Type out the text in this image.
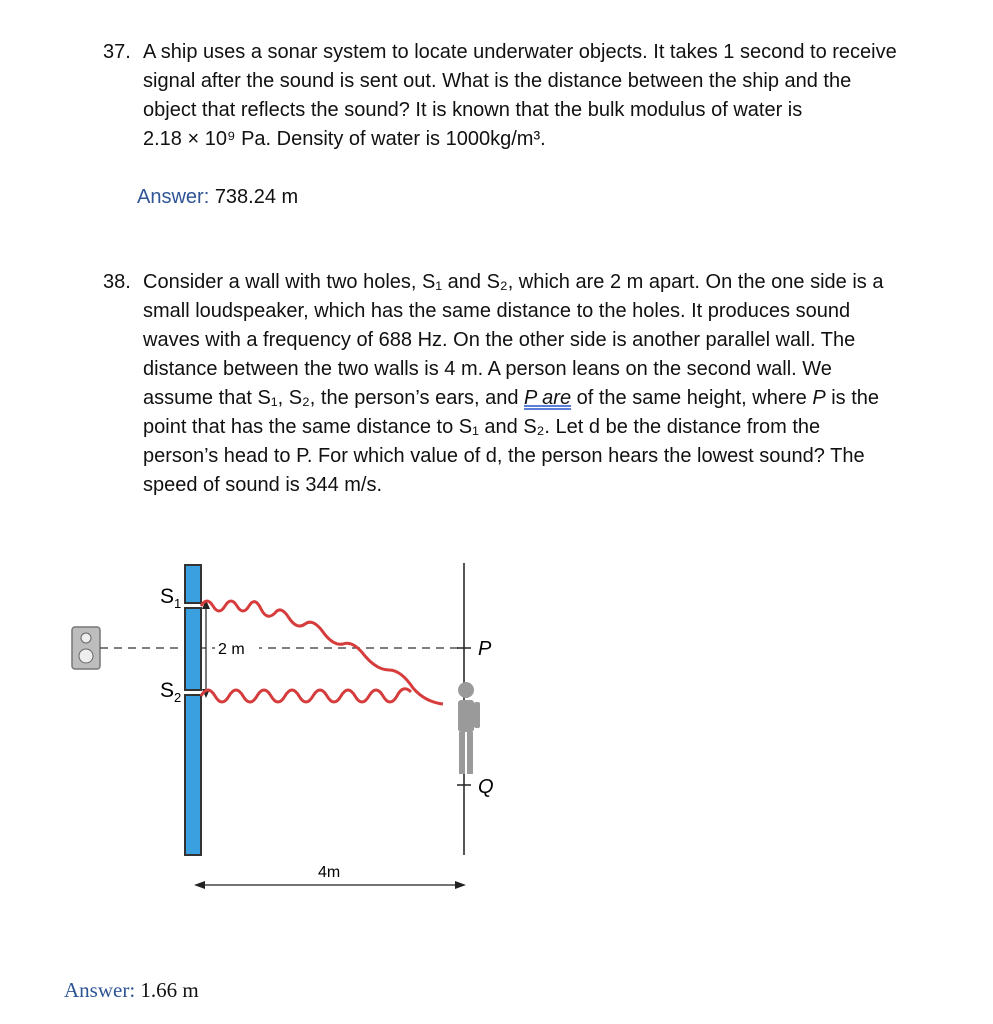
37. A ship uses a sonar system to locate underwater objects. It takes 1 second to receive
signal after the sound is sent out. What is the distance between the ship and the
object that reflects the sound? It is known that the bulk modulus of water is
2.18 × 10⁹ Pa. Density of water is 1000kg/m³.
Answer: 738.24 m
38. Consider a wall with two holes, S₁ and S₂, which are 2 m apart. On the one side is a
small loudspeaker, which has the same distance to the holes. It produces sound
waves with a frequency of 688 Hz. On the other side is another parallel wall. The
distance between the two walls is 4 m. A person leans on the second wall. We
assume that S₁, S₂, the person’s ears, and P are of the same height, where P is the
point that has the same distance to S₁ and S₂. Let d be the distance from the
person’s head to P. For which value of d, the person hears the lowest sound? The
speed of sound is 344 m/s.
$S_1$
$S_2$
2 m	P
Q
4m
Answer: 1.66 m
